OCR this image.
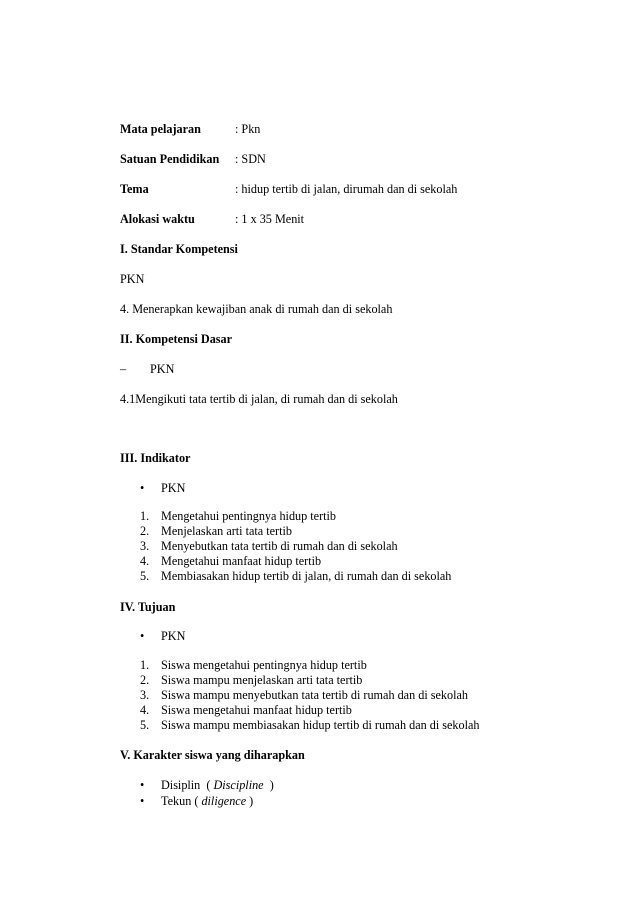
Mata pelajaran	: Pkn
Satuan Pendidikan : SDN
Tema	: hidup tertib di jalan, dirumah dan di sekolah
Alokasi waktu	: 1 x 35 Menit
I. Standar Kompetensi
PKN
4. Menerapkan kewajiban anak di rumah dan di sekolah
II. Kompetensi Dasar
– PKN
4.1Mengikuti tata tertib di jalan, di rumah dan di sekolah
III. Indikator
• PKN
1. Mengetahui pentingnya hidup tertib
2. Menjelaskan arti tata tertib
3. Menyebutkan tata tertib di rumah dan di sekolah
4. Mengetahui manfaat hidup tertib
5. Membiasakan hidup tertib di jalan, di rumah dan di sekolah
IV. Tujuan
• PKN
1. Siswa mengetahui pentingnya hidup tertib
2. Siswa mampu menjelaskan arti tata tertib
3. Siswa mampu menyebutkan tata tertib di rumah dan di sekolah
4. Siswa mengetahui manfaat hidup tertib
5. Siswa mampu membiasakan hidup tertib di rumah dan di sekolah
V. Karakter siswa yang diharapkan
• Disiplin ( Discipline )
• Tekun ( diligence )
